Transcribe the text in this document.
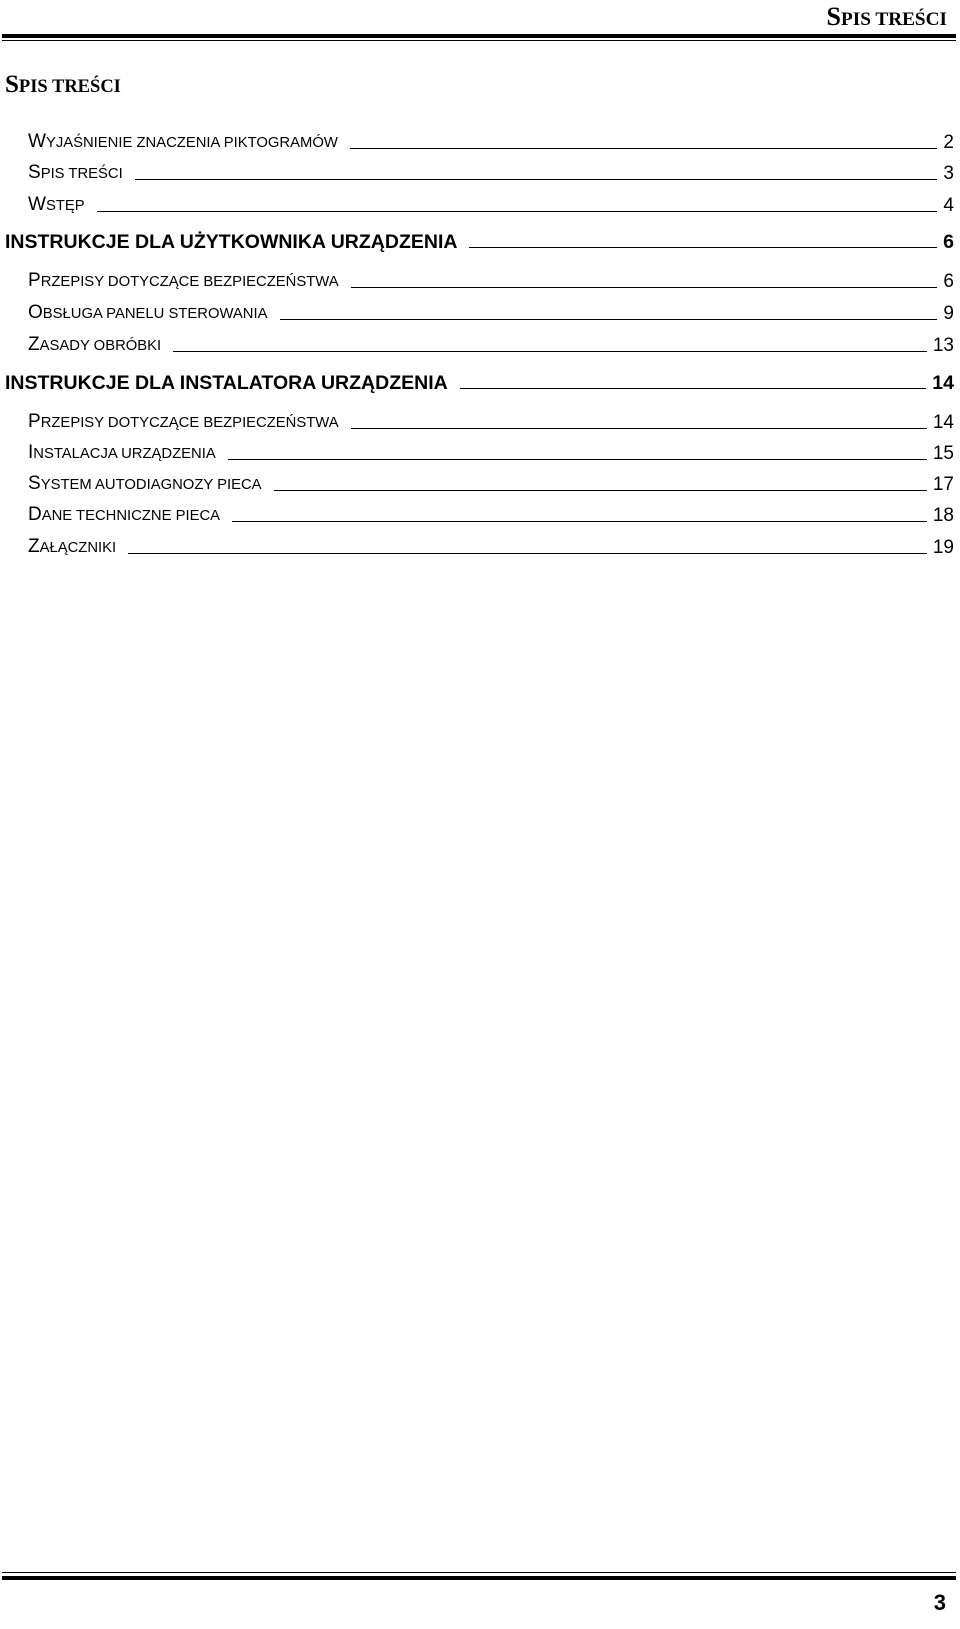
SPIS TREŚCI
SPIS TREŚCI
WYJAŚNIENIE ZNACZENIA PIKTOGRAMÓW	2
SPIS TREŚCI	3
WSTĘP	4
INSTRUKCJE DLA UŻYTKOWNIKA URZĄDZENIA	6
PRZEPISY DOTYCZĄCE BEZPIECZEŃSTWA	6
OBSŁUGA PANELU STEROWANIA	9
ZASADY OBRÓBKI	13
INSTRUKCJE DLA INSTALATORA URZĄDZENIA	14
PRZEPISY DOTYCZĄCE BEZPIECZEŃSTWA	14
INSTALACJA URZĄDZENIA	15
SYSTEM AUTODIAGNOZY PIECA	17
DANE TECHNICZNE PIECA	18
ZAŁĄCZNIKI	19
3
